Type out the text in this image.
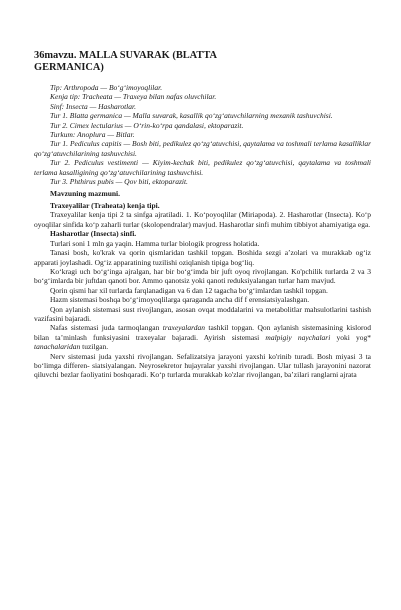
36mavzu. MALLA SUVARAK (BLATTA
GERMANICA)

Tip: Arthropoda — Bo‘g‘imoyoqlilar.

Kenja tip: Tracheata — Traxeya bilan nafas oluvchilar.

Sinf: Insecta — Hasharotlar.

Tur 1. Blatta germanica — Malla suvarak, kasallik qo‘zg‘atuvchilarning mexanik tashuvchisi.

Tur 2. Cimex lectularius — O‘rin-ko‘rpa qandalasi, ektoparazit.

Turkum: Anoplura — Bitlar.

Tur 1. Pediculus capitis — Bosh biti, pedikulez qo‘zg‘atuvchisi, qaytalama va toshmali terlama kasalliklar qo‘zg‘atuvchilarining tashuvchisi.

Tur 2. Pediculus vestimenti — Kiyim-kechak biti, pedikulez qo‘zg‘atuvchisi, qaytalama va toshmali terlama kasalligining qo‘zg‘atuvchilarining tashuvchisi.

Tur 3. Phthirus pubis — Qov biti, ektoparazit.

Mavzuning mazmuni.

Traxeyalilar (Traheata) kenja tipi.

Traxeyalilar kenja tipi 2 ta sinfga ajratiladi. 1. Ko‘poyoqlilar (Miriapoda). 2. Hasharotlar (Insecta). Ko‘p oyoqlilar sinfida ko‘p zaharli turlar (skolopendralar) mavjud. Hasharotlar sinfi muhim tibbiyot ahamiyatiga ega.

Hasharotlar (Insecta) sinfi.

Turlari soni 1 mln ga yaqin. Hamma turlar biologik progress holatida.

Tanasi bosh, ko'krak va qorin qismlaridan tashkil topgan. Boshida sezgi a’zolari va murakkab og‘iz apparati joylashadi. Og‘iz apparatining tuzilishi oziqlanish tipiga bog‘liq.

Ko‘kragi uch bo‘g‘inga ajralgan, har bir bo‘g‘imda bir juft oyoq rivojlangan. Ko'pchilik turlarda 2 va 3 bo‘g‘imlarda bir juftdan qanoti bor. Ammo qanotsiz yoki qanoti reduksiyalangan turlar ham mavjud.

Qorin qismi har xil turlarda farqlanadigan va 6 dan 12 tagacha bo‘g‘imlardan tashkil topgan.

Hazm sistemasi boshqa bo‘g‘imoyoqlilarga qaraganda ancha dif f erensiatsiyalashgan.

Qon aylanish sistemasi sust rivojlangan, asosan ovqat moddalarini va metabolitlar mahsulotlarini tashish vazifasini bajaradi.

Nafas sistemasi juda tarmoqlangan traxeyalardan tashkil topgan. Qon aylanish sistemasining kislorod bilan ta’minlash funksiyasini traxeyalar bajaradi. Ayirish sistemasi malpigiy naychalari yoki yog* tanachalaridan tuzilgan.

Nerv sistemasi juda yaxshi rivojlangan. Sefalizatsiya jarayoni yaxshi ko'rinib turadi. Bosh miyasi 3 ta bo‘limga differen- siatsiyalangan. Neyrosekretor hujayralar yaxshi rivojlangan. Ular tullash jarayonini nazorat qiluvchi bezlar faoliyatini boshqaradi. Ko‘p turlarda murakkab ko'zlar rivojlangan, ba’zilari ranglarni ajrata
